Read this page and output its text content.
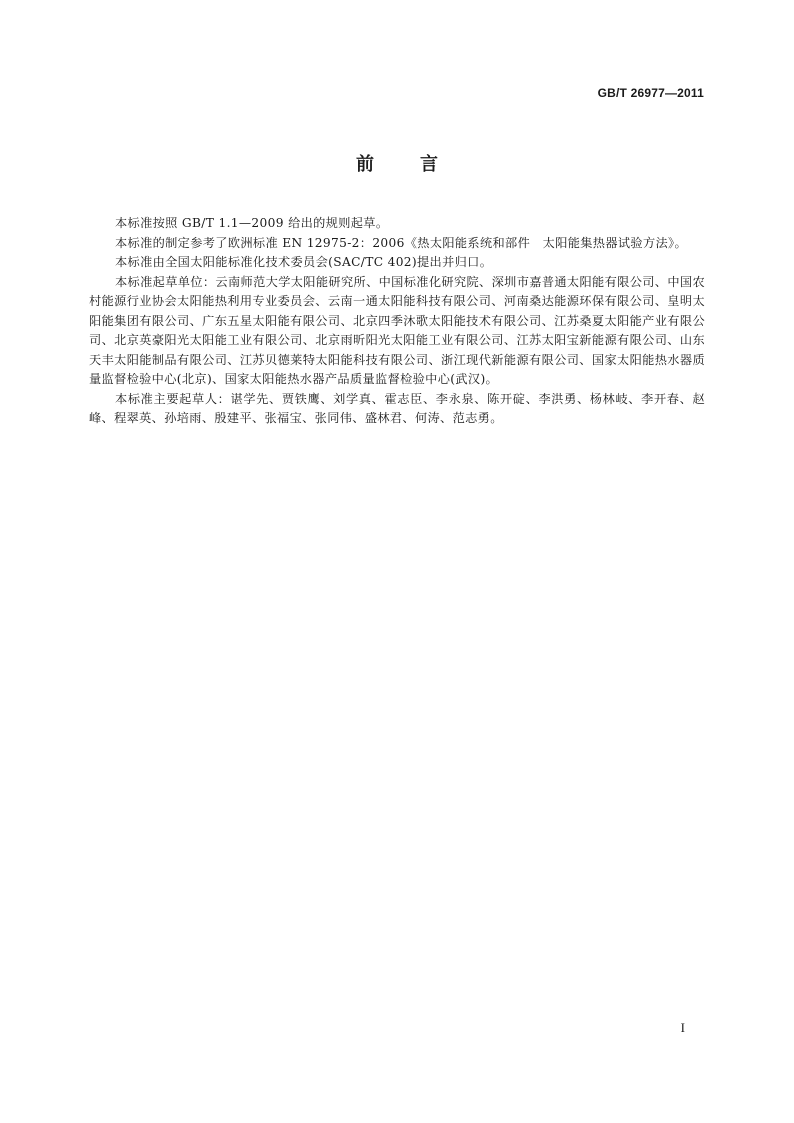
GB/T 26977—2011

前言

本标准按照 GB/T 1.1—2009 给出的规则起草。

本标准的制定参考了欧洲标准 EN 12975-2：2006《热太阳能系统和部件　太阳能集热器试验方法》。

本标准由全国太阳能标准化技术委员会(SAC/TC 402)提出并归口。

本标准起草单位：云南师范大学太阳能研究所、中国标准化研究院、深圳市嘉普通太阳能有限公司、中国农村能源行业协会太阳能热利用专业委员会、云南一通太阳能科技有限公司、河南桑达能源环保有限公司、皇明太阳能集团有限公司、广东五星太阳能有限公司、北京四季沐歌太阳能技术有限公司、江苏桑夏太阳能产业有限公司、北京英豪阳光太阳能工业有限公司、北京雨昕阳光太阳能工业有限公司、江苏太阳宝新能源有限公司、山东天丰太阳能制品有限公司、江苏贝德莱特太阳能科技有限公司、浙江现代新能源有限公司、国家太阳能热水器质量监督检验中心(北京)、国家太阳能热水器产品质量监督检验中心(武汉)。

本标准主要起草人：谌学先、贾铁鹰、刘学真、霍志臣、李永泉、陈开碇、李洪勇、杨林岐、李开春、赵峰、程翠英、孙培雨、殷建平、张福宝、张同伟、盛林君、何涛、范志勇。

I
